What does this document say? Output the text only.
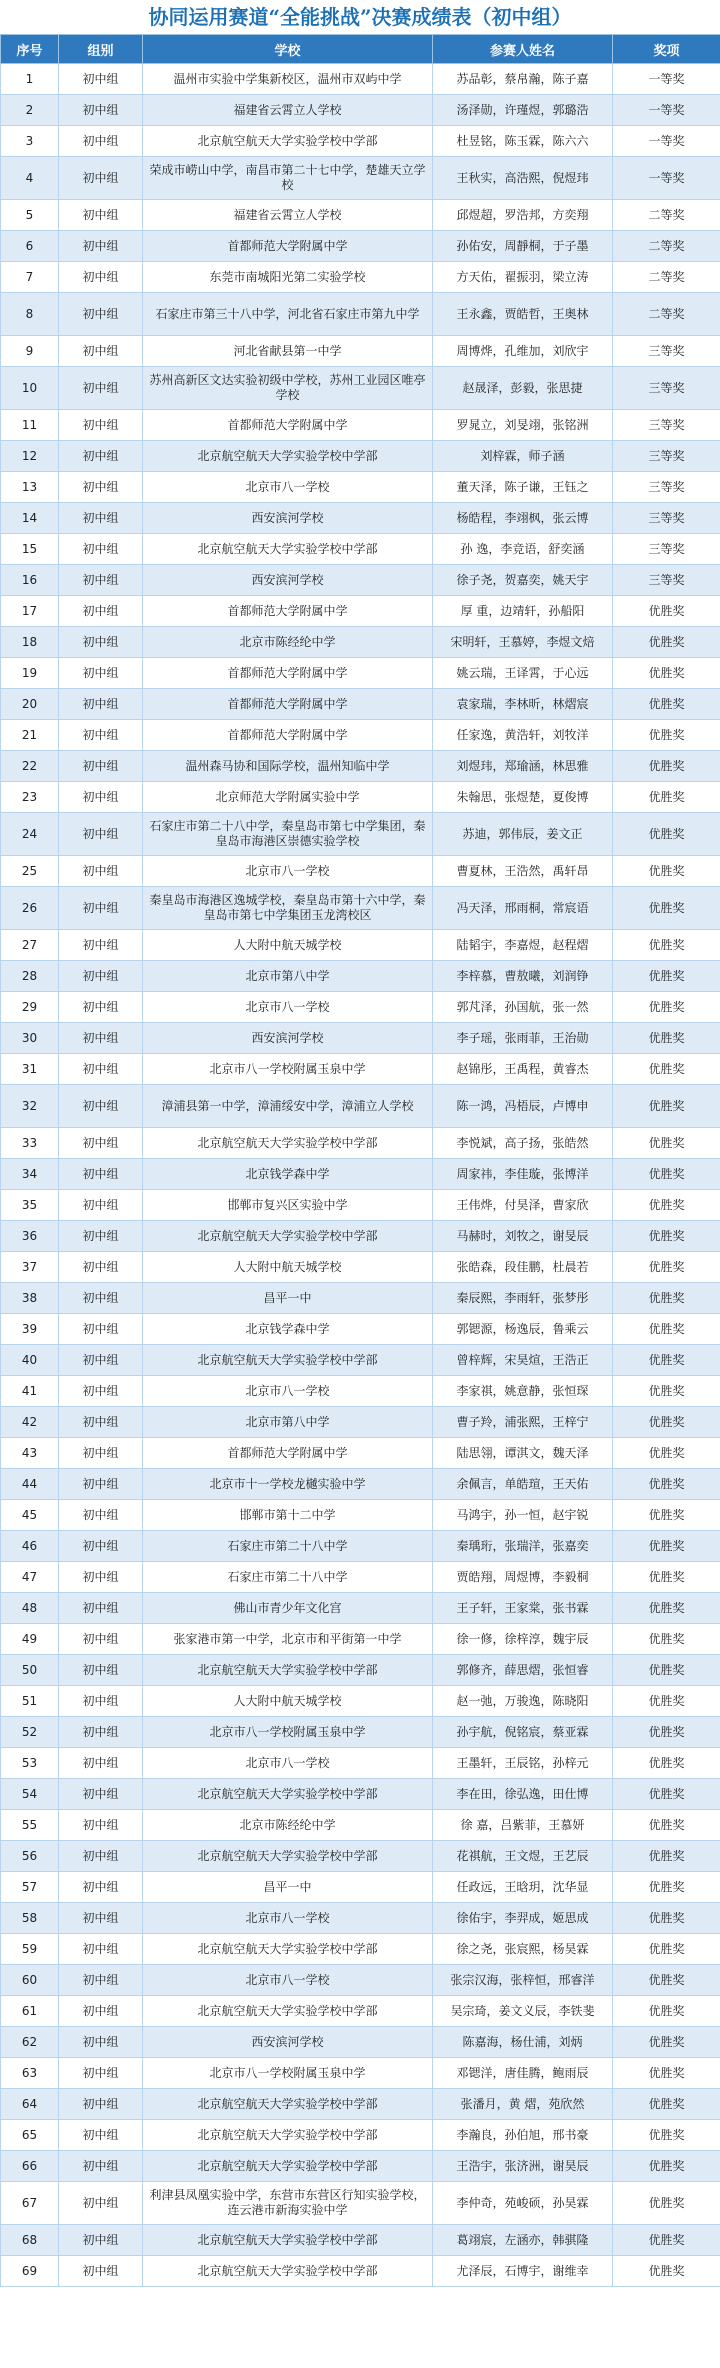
协同运用赛道“全能挑战”决赛成绩表（初中组）
序号	组别	学校	参赛人姓名	奖项
1	初中组	温州市实验中学集新校区，温州市双屿中学	苏品彰，蔡帛瀚，陈子嘉	一等奖
2	初中组	福建省云霄立人学校	汤泽勋，许瑾煜，郭璐浩	一等奖
3	初中组	北京航空航天大学实验学校中学部	杜昱铭，陈玉霖，陈六六	一等奖
4	初中组	荣成市崂山中学，南昌市第二十七中学，楚雄天立学校	王秋实，高浩熙，倪煜玮	一等奖
5	初中组	福建省云霄立人学校	邱煜超，罗浩邦，方奕翔	二等奖
6	初中组	首都师范大学附属中学	孙佑安，周靜桐，于子墨	二等奖
7	初中组	东莞市南城阳光第二实验学校	方天佑，翟振羽，梁立涛	二等奖
8	初中组	石家庄市第三十八中学，河北省石家庄市第九中学	王永鑫，贾皓哲，王奥林	二等奖
9	初中组	河北省献县第一中学	周博烨，孔维加，刘欣宇	三等奖
10	初中组	苏州高新区文达实验初级中学校，苏州工业园区唯亭学校	赵晟泽，彭毅，张思捷	三等奖
11	初中组	首都师范大学附属中学	罗晁立，刘旻翊，张铭洲	三等奖
12	初中组	北京航空航天大学实验学校中学部	刘梓霖，师子涵	三等奖
13	初中组	北京市八一学校	董天泽，陈子谦，王钰之	三等奖
14	初中组	西安滨河学校	杨皓程，李翊枫，张云博	三等奖
15	初中组	北京航空航天大学实验学校中学部	孙 逸，李竞语，舒奕涵	三等奖
16	初中组	西安滨河学校	徐子尧，贺嘉奕，姚天宇	三等奖
17	初中组	首都师范大学附属中学	厚 重，边靖轩，孙船阳	优胜奖
18	初中组	北京市陈经纶中学	宋明轩，王慕婷，李煜文焙	优胜奖
19	初中组	首都师范大学附属中学	姚云瑞，王译霄，于心远	优胜奖
20	初中组	首都师范大学附属中学	袁家瑞，李林昕，林熠宸	优胜奖
21	初中组	首都师范大学附属中学	任家逸，黄浩轩，刘牧洋	优胜奖
22	初中组	温州森马协和国际学校，温州知临中学	刘煜玮，郑瑜涵，林思雅	优胜奖
23	初中组	北京师范大学附属实验中学	朱翰思，张煜楚，夏俊博	优胜奖
24	初中组	石家庄市第二十八中学，秦皇岛市第七中学集团，秦皇岛市海港区崇德实验学校	苏迪，郭伟辰，姜文正	优胜奖
25	初中组	北京市八一学校	曹夏林，王浩然，禹轩昂	优胜奖
26	初中组	秦皇岛市海港区逸城学校，秦皇岛市第十六中学，秦皇岛市第七中学集团玉龙湾校区	冯天泽，邢雨桐，常宸语	优胜奖
27	初中组	人大附中航天城学校	陆韬宇，李嘉煜，赵程熠	优胜奖
28	初中组	北京市第八中学	李梓慕，曹敖曦，刘润铮	优胜奖
29	初中组	北京市八一学校	郭芃泽，孙国航，张一然	优胜奖
30	初中组	西安滨河学校	李子瑶，张雨菲，王治勋	优胜奖
31	初中组	北京市八一学校附属玉泉中学	赵锦彤，王禹程，黄睿杰	优胜奖
32	初中组	漳浦县第一中学，漳浦绥安中学，漳浦立人学校	陈一鸿，冯梧辰，卢博申	优胜奖
33	初中组	北京航空航天大学实验学校中学部	李悦斌，高子扬，张皓然	优胜奖
34	初中组	北京钱学森中学	周家祎，李佳璇，张博洋	优胜奖
35	初中组	邯郸市复兴区实验中学	王伟烨，付昊泽，曹家欣	优胜奖
36	初中组	北京航空航天大学实验学校中学部	马赫时，刘牧之，谢旻辰	优胜奖
37	初中组	人大附中航天城学校	张皓森，段佳鹏，杜晨若	优胜奖
38	初中组	昌平一中	秦辰熙，李雨轩，张梦彤	优胜奖
39	初中组	北京钱学森中学	郭锶源，杨逸辰，鲁乘云	优胜奖
40	初中组	北京航空航天大学实验学校中学部	曾梓辉，宋昊煊，王浩正	优胜奖
41	初中组	北京市八一学校	李家祺，姚意静，张恒琛	优胜奖
42	初中组	北京市第八中学	曹子羚，浦张熙，王梓宁	优胜奖
43	初中组	首都师范大学附属中学	陆思翎，谭淇文，魏天泽	优胜奖
44	初中组	北京市十一学校龙樾实验中学	余佩言，单皓瑄，王天佑	优胜奖
45	初中组	邯郸市第十二中学	马鸿宇，孙一恒，赵宇锐	优胜奖
46	初中组	石家庄市第二十八中学	秦瑀珩，张瑞洋，张嘉奕	优胜奖
47	初中组	石家庄市第二十八中学	贾皓翔，周煜博，李毅桐	优胜奖
48	初中组	佛山市青少年文化宫	王子轩，王家棠，张书霖	优胜奖
49	初中组	张家港市第一中学，北京市和平街第一中学	徐一修，徐梓淳，魏宇辰	优胜奖
50	初中组	北京航空航天大学实验学校中学部	郭修齐，薛思熠，张恒睿	优胜奖
51	初中组	人大附中航天城学校	赵一弛，万骏逸，陈晓阳	优胜奖
52	初中组	北京市八一学校附属玉泉中学	孙宇航，倪铭宸，蔡亚霖	优胜奖
53	初中组	北京市八一学校	王墨轩，王辰铭，孙梓元	优胜奖
54	初中组	北京航空航天大学实验学校中学部	李在田，徐弘逸，田仕博	优胜奖
55	初中组	北京市陈经纶中学	徐 嘉，吕紫菲，王慕妍	优胜奖
56	初中组	北京航空航天大学实验学校中学部	花祺航，王文煜，王艺辰	优胜奖
57	初中组	昌平一中	任政远，王晗玥，沈华显	优胜奖
58	初中组	北京市八一学校	徐佑宇，李羿成，姬思成	优胜奖
59	初中组	北京航空航天大学实验学校中学部	徐之尧，张宸熙，杨昊霖	优胜奖
60	初中组	北京市八一学校	张宗汉海，张梓恒，邢睿洋	优胜奖
61	初中组	北京航空航天大学实验学校中学部	吴宗琦，姜文义辰，李铁斐	优胜奖
62	初中组	西安滨河学校	陈嘉海，杨仕浦，刘炳	优胜奖
63	初中组	北京市八一学校附属玉泉中学	邓锶洋，唐佳腾，鲍雨辰	优胜奖
64	初中组	北京航空航天大学实验学校中学部	张潘月，黄 熠，苑欣然	优胜奖
65	初中组	北京航空航天大学实验学校中学部	李瀚良，孙伯旭，邢书豪	优胜奖
66	初中组	北京航空航天大学实验学校中学部	王浩宇，张济洲，谢昊辰	优胜奖
67	初中组	利津县凤凰实验中学，东营市东营区行知实验学校，连云港市新海实验中学	李仲奇，苑峻硕，孙昊霖	优胜奖
68	初中组	北京航空航天大学实验学校中学部	葛翊宸，左涵亦，韩骐隆	优胜奖
69	初中组	北京航空航天大学实验学校中学部	尤泽辰，石博宇，谢维幸	优胜奖
